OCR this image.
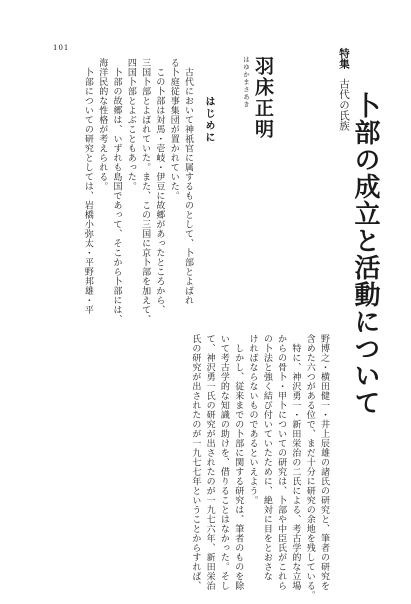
101	特集 古代の氏族 卜部の成立と活動について
はゆかまさあき 羽床正明
はじめに
　古代において神祇官に属するものとして、卜部とよばれ
る卜庭従事集団が置かれていた。
　この卜部は対馬・壱岐・伊豆に故郷があったところから、
三国卜部とよばれていた。また、この三国に京卜部を加えて、
四国卜部とよぶこともあった。
　卜部の故郷は、いずれも島国であって、そこから卜部には、
海洋民的な性格が考えられる。
　卜部についての研究としては、岩橋小弥太・平野邦雄・平
野博之・横田健一・井上辰雄の諸氏の研究と、筆者の研究を
含めた六つがある位で、まだ十分に研究の余地を残している。
　特に、神沢勇一・新田栄治の二氏による、考古学的な立場
からの骨卜・甲卜についての研究は、卜部や中臣氏がこれら
の卜法と強く結び付いていたために、絶対に目をとおさな
ければならないものであるといえよう。
　しかし、従来までの卜部に関する研究は、筆者のものを除
いて考古学的な知識の助けを、借りることはなかった。そし
て、神沢勇一氏の研究が出されたのが一九七六年、新田栄治
氏の研究が出されたのが一九七七年ということからすれば、
